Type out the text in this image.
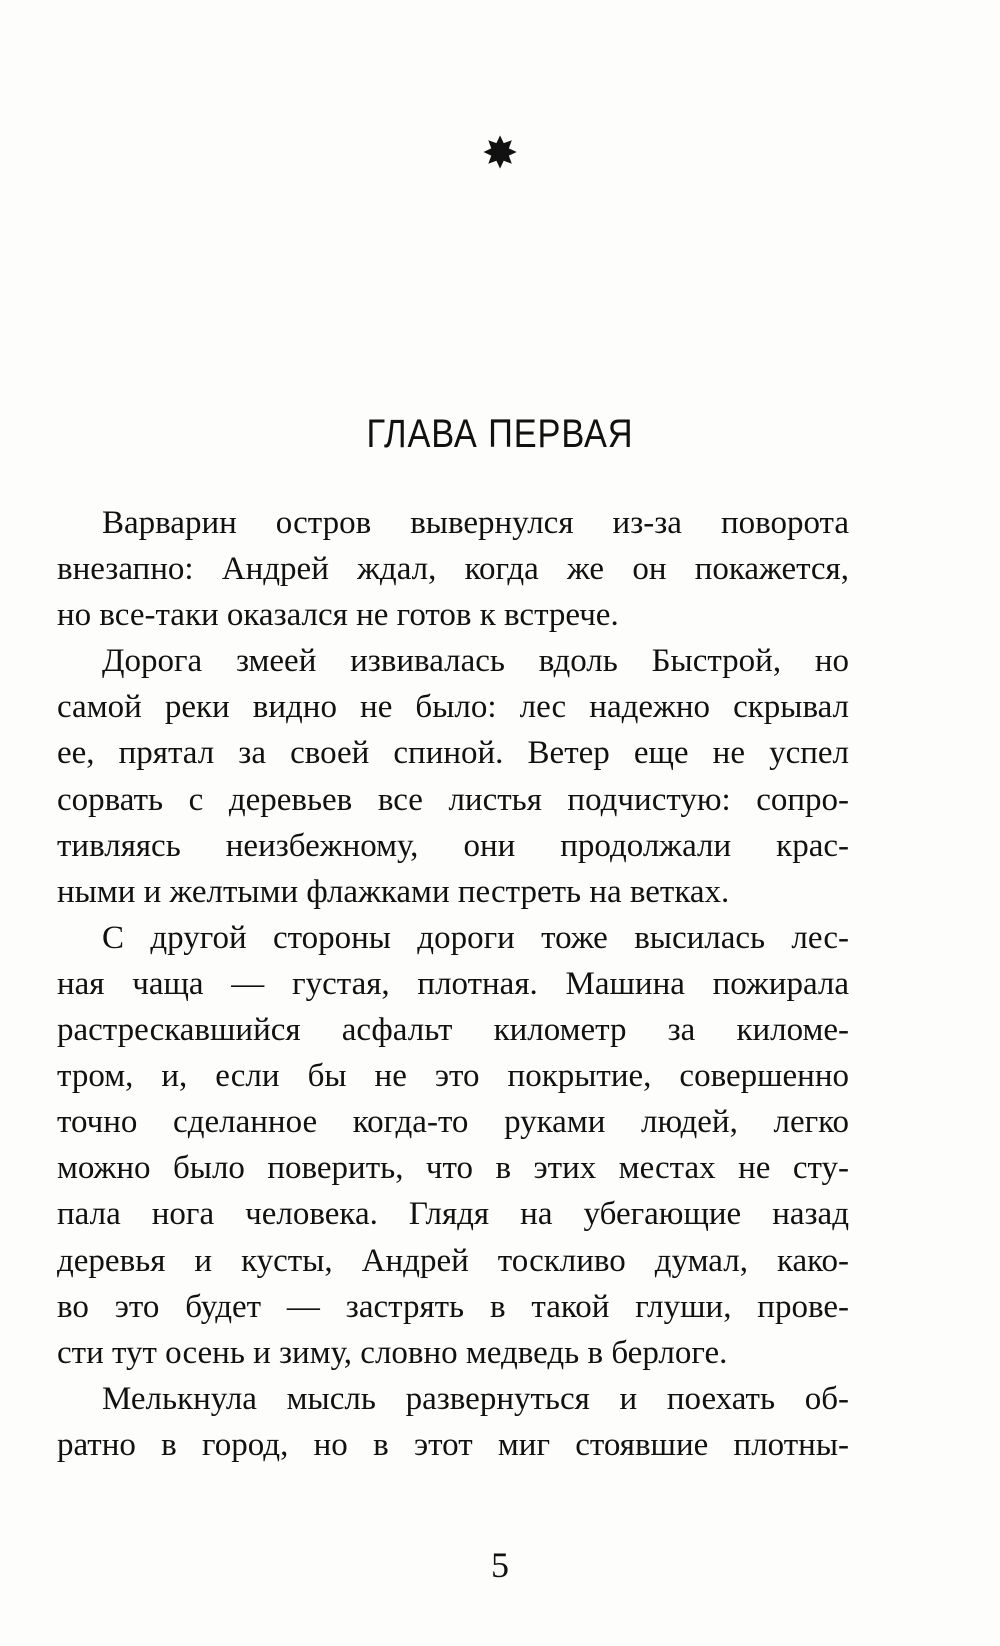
✸
ГЛАВА ПЕРВАЯ
Варварин остров вывернулся из-за поворота
внезапно: Андрей ждал, когда же он покажется,
но все-таки оказался не готов к встрече.
Дорога змеей извивалась вдоль Быстрой, но
самой реки видно не было: лес надежно скрывал
ее, прятал за своей спиной. Ветер еще не успел
сорвать с деревьев все листья подчистую: сопро-
тивляясь неизбежному, они продолжали крас-
ными и желтыми флажками пестреть на ветках.
С другой стороны дороги тоже высилась лес-
ная чаща — густая, плотная. Машина пожирала
растрескавшийся асфальт километр за киломе-
тром, и, если бы не это покрытие, совершенно
точно сделанное когда-то руками людей, легко
можно было поверить, что в этих местах не сту-
пала нога человека. Глядя на убегающие назад
деревья и кусты, Андрей тоскливо думал, како-
во это будет — застрять в такой глуши, прове-
сти тут осень и зиму, словно медведь в берлоге.
Мелькнула мысль развернуться и поехать об-
ратно в город, но в этот миг стоявшие плотны-
5
